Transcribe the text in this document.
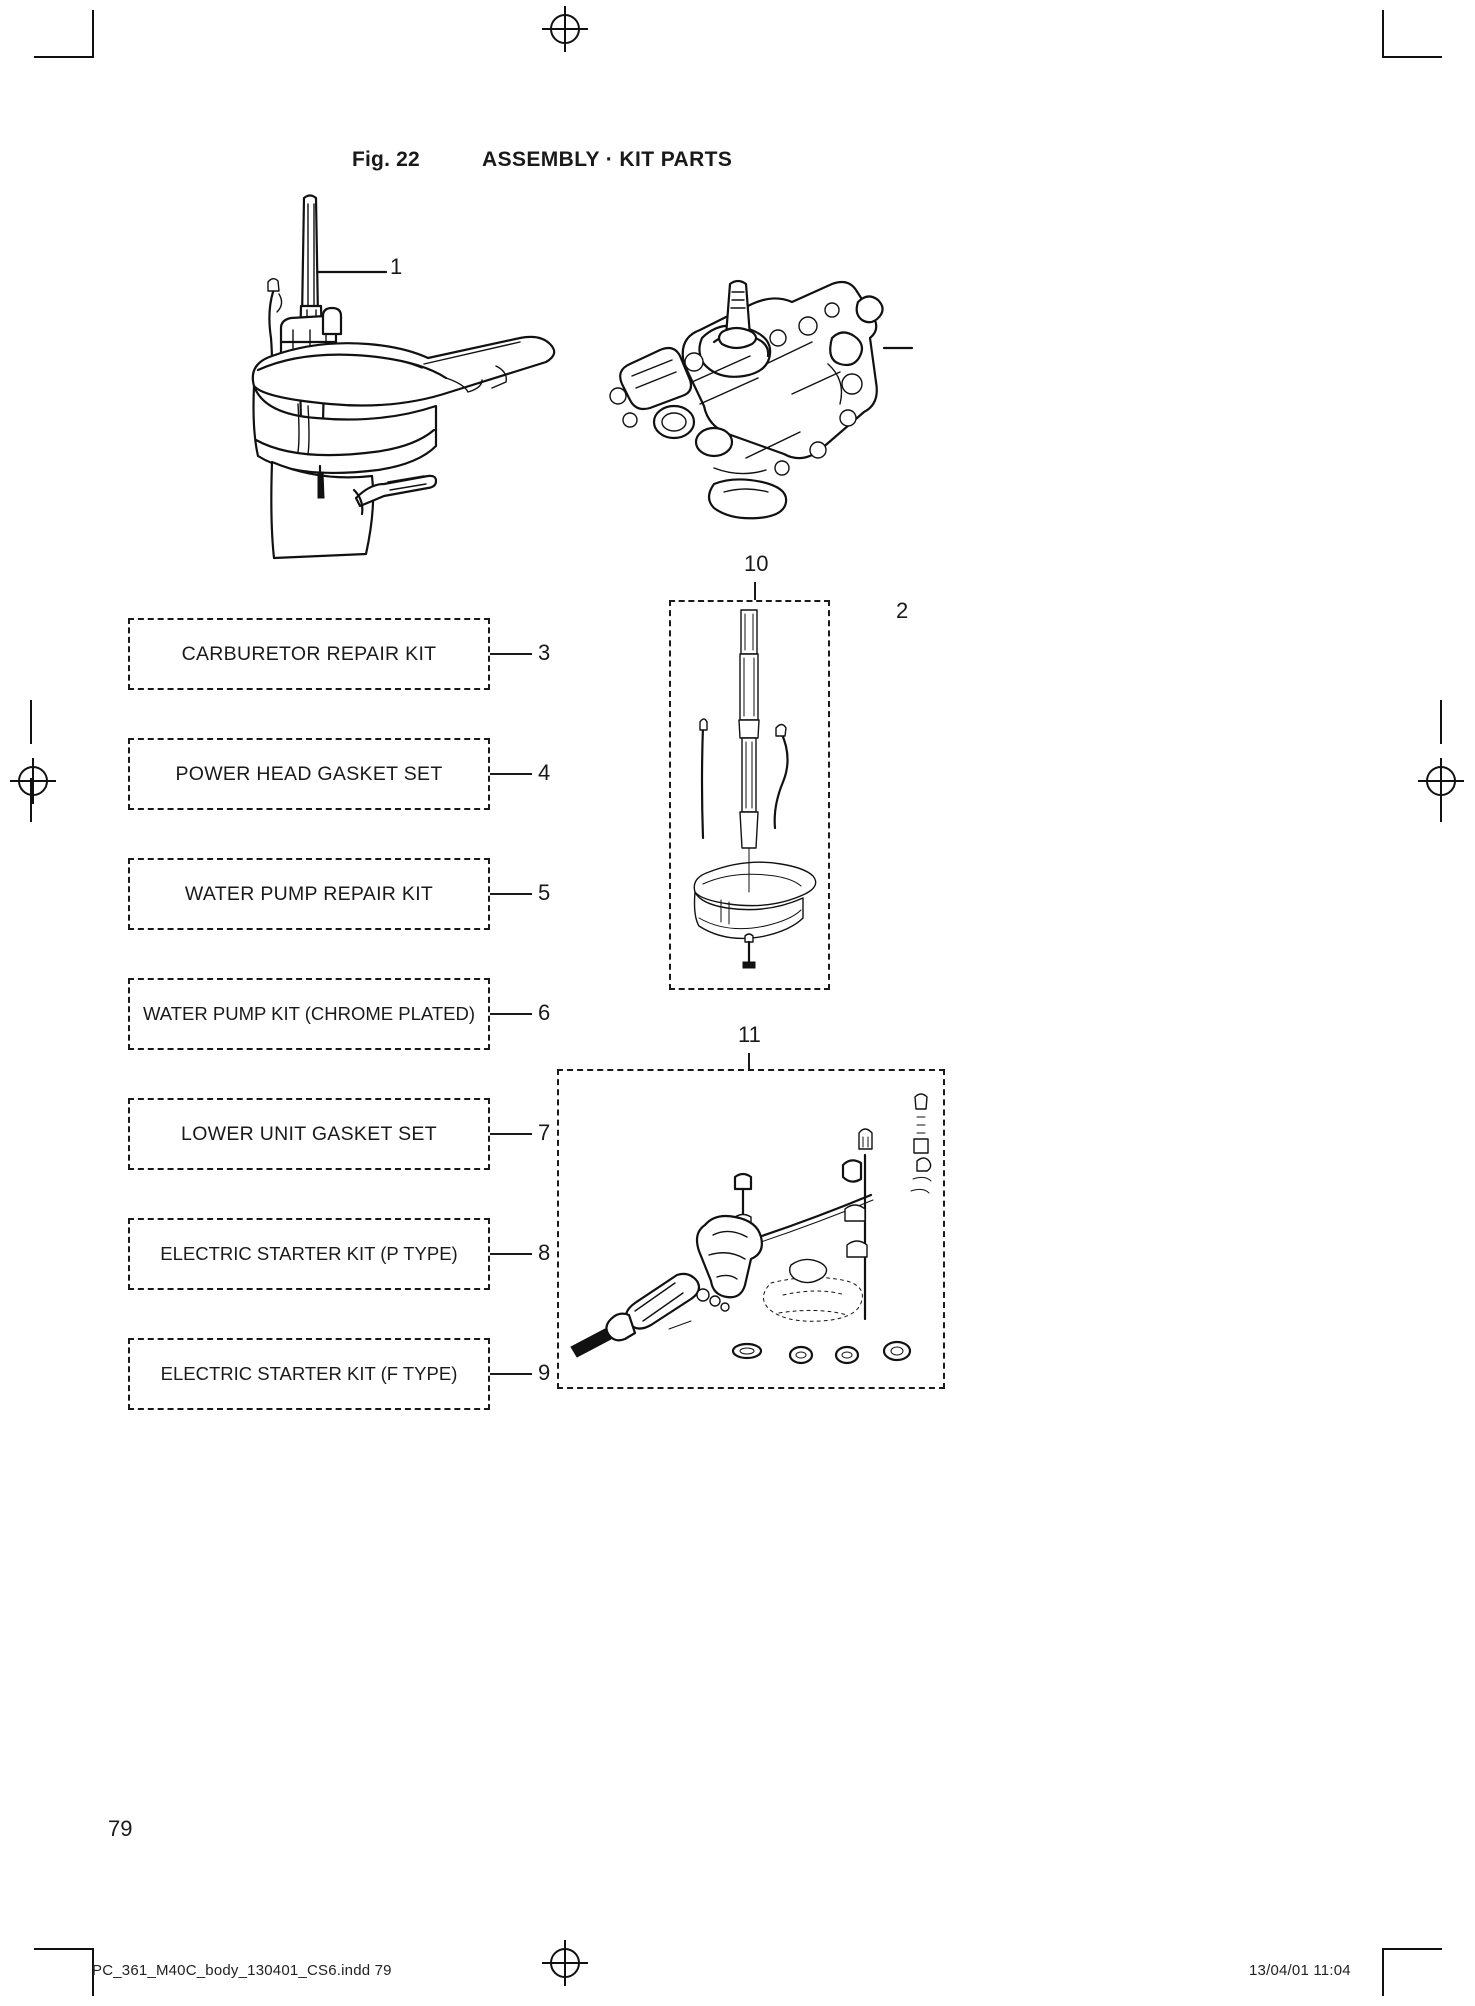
Fig. 22	ASSEMBLY · KIT PARTS
1
2
CARBURETOR REPAIR KIT	3
POWER HEAD GASKET SET	4
WATER PUMP REPAIR KIT	5
WATER PUMP KIT (CHROME PLATED)	6
LOWER UNIT GASKET SET	7
ELECTRIC STARTER KIT (P TYPE)	8
ELECTRIC STARTER KIT (F TYPE)	9
10
11
79
PC_361_M40C_body_130401_CS6.indd 79	13/04/01 11:04
